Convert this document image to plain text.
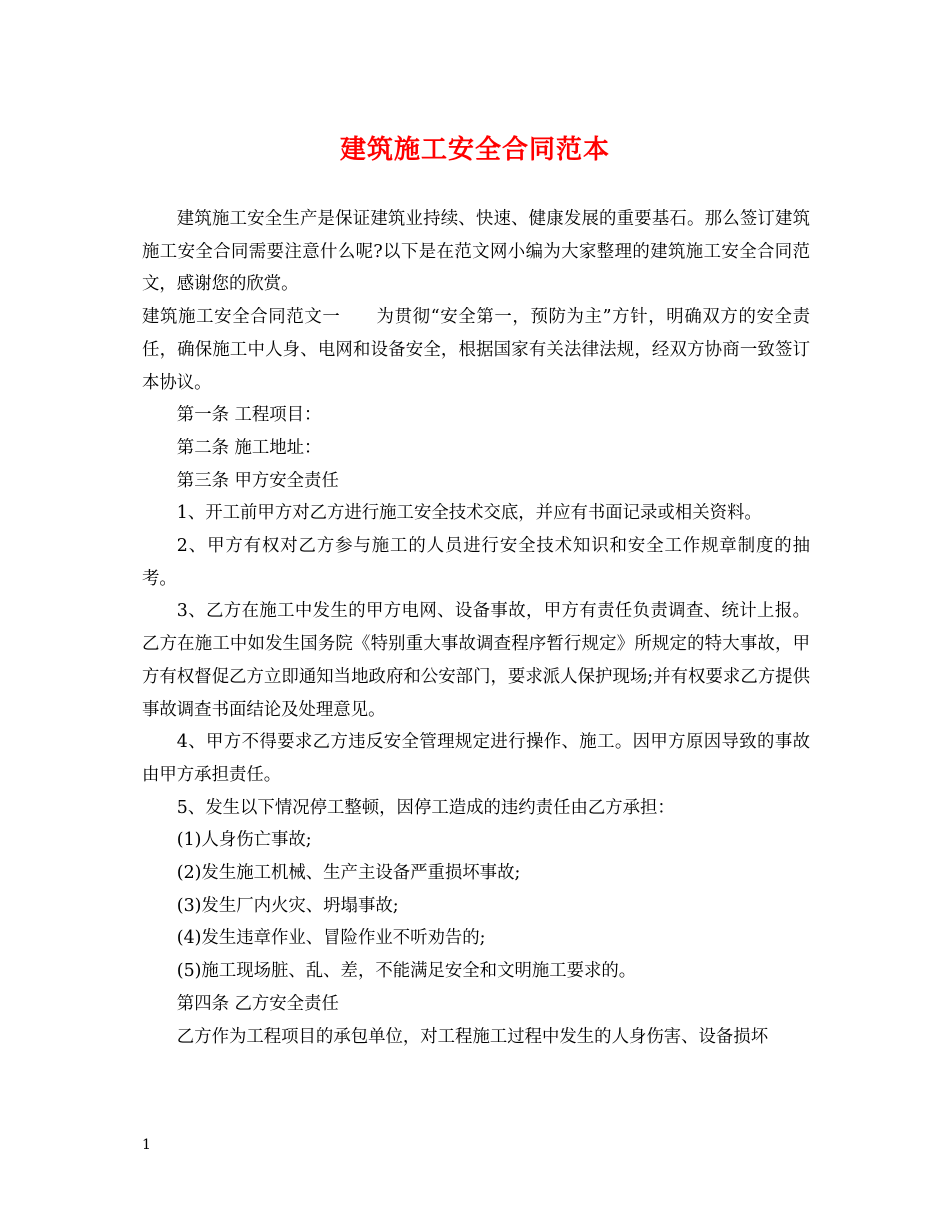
建筑施工安全合同范本

建筑施工安全生产是保证建筑业持续、快速、健康发展的重要基石。那么签订建筑施工安全合同需要注意什么呢?以下是在范文网小编为大家整理的建筑施工安全合同范文，感谢您的欣赏。

建筑施工安全合同范文一　　为贯彻“安全第一，预防为主”方针，明确双方的安全责任，确保施工中人身、电网和设备安全，根据国家有关法律法规，经双方协商一致签订本协议。

第一条 工程项目：

第二条 施工地址：

第三条 甲方安全责任

1、开工前甲方对乙方进行施工安全技术交底，并应有书面记录或相关资料。

2、甲方有权对乙方参与施工的人员进行安全技术知识和安全工作规章制度的抽考。

3、乙方在施工中发生的甲方电网、设备事故，甲方有责任负责调查、统计上报。乙方在施工中如发生国务院《特别重大事故调查程序暂行规定》所规定的特大事故，甲方有权督促乙方立即通知当地政府和公安部门，要求派人保护现场;并有权要求乙方提供事故调查书面结论及处理意见。

4、甲方不得要求乙方违反安全管理规定进行操作、施工。因甲方原因导致的事故由甲方承担责任。

5、发生以下情况停工整顿，因停工造成的违约责任由乙方承担：

(1)人身伤亡事故;

(2)发生施工机械、生产主设备严重损坏事故;

(3)发生厂内火灾、坍塌事故;

(4)发生违章作业、冒险作业不听劝告的;

(5)施工现场脏、乱、差，不能满足安全和文明施工要求的。

第四条 乙方安全责任

乙方作为工程项目的承包单位，对工程施工过程中发生的人身伤害、设备损坏

1
